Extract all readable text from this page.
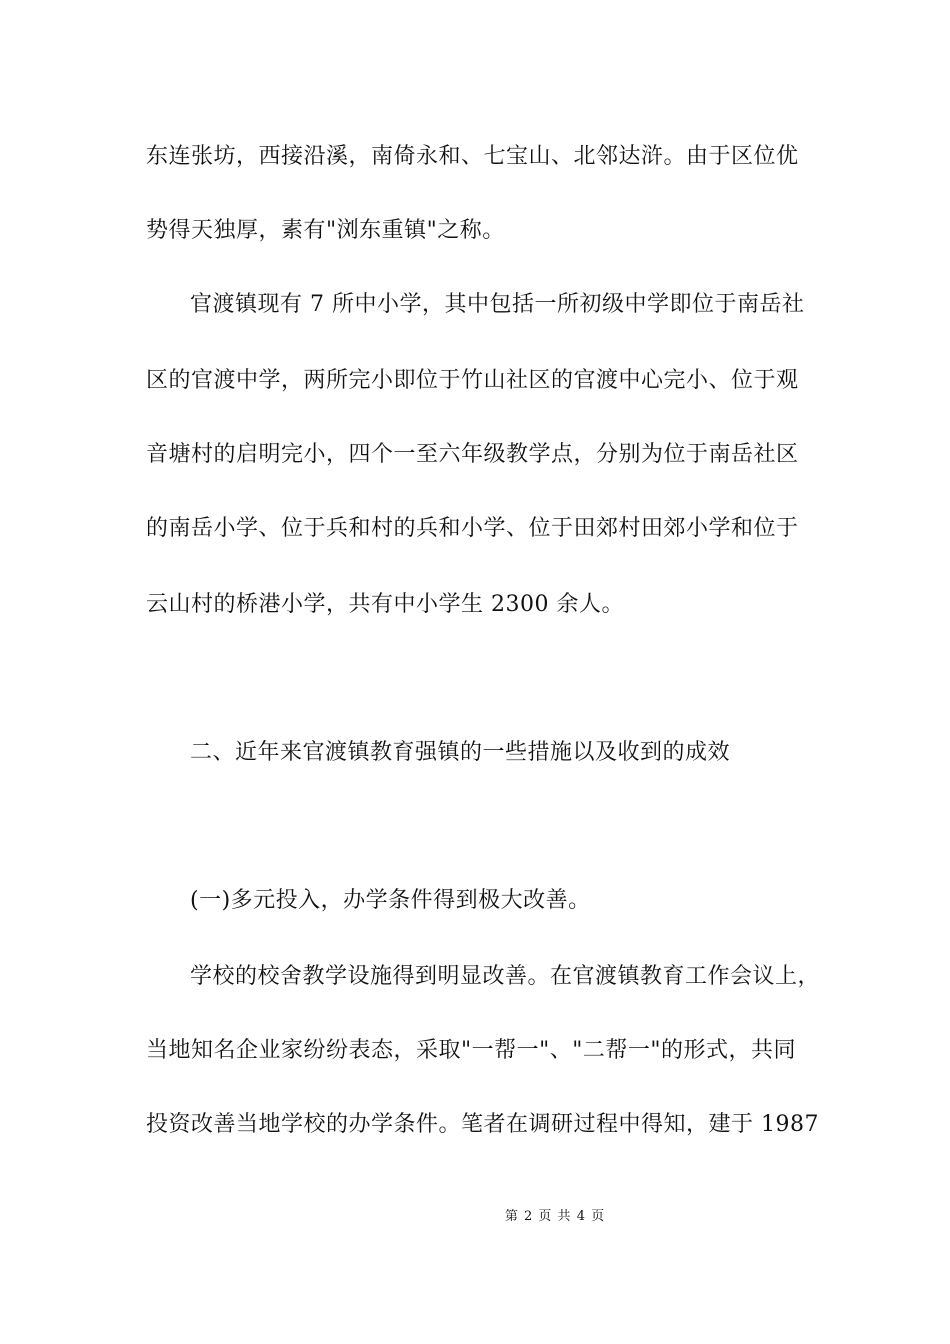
东连张坊，西接沿溪，南倚永和、七宝山、北邻达浒。由于区位优
势得天独厚，素有"浏东重镇"之称。
官渡镇现有 7 所中小学，其中包括一所初级中学即位于南岳社
区的官渡中学，两所完小即位于竹山社区的官渡中心完小、位于观
音塘村的启明完小，四个一至六年级教学点，分别为位于南岳社区
的南岳小学、位于兵和村的兵和小学、位于田郊村田郊小学和位于
云山村的桥港小学，共有中小学生 2300 余人。
二、近年来官渡镇教育强镇的一些措施以及收到的成效
(一)多元投入，办学条件得到极大改善。
学校的校舍教学设施得到明显改善。在官渡镇教育工作会议上，
当地知名企业家纷纷表态，采取"一帮一"、"二帮一"的形式，共同
投资改善当地学校的办学条件。笔者在调研过程中得知，建于 1987
第 2 页 共 4 页
